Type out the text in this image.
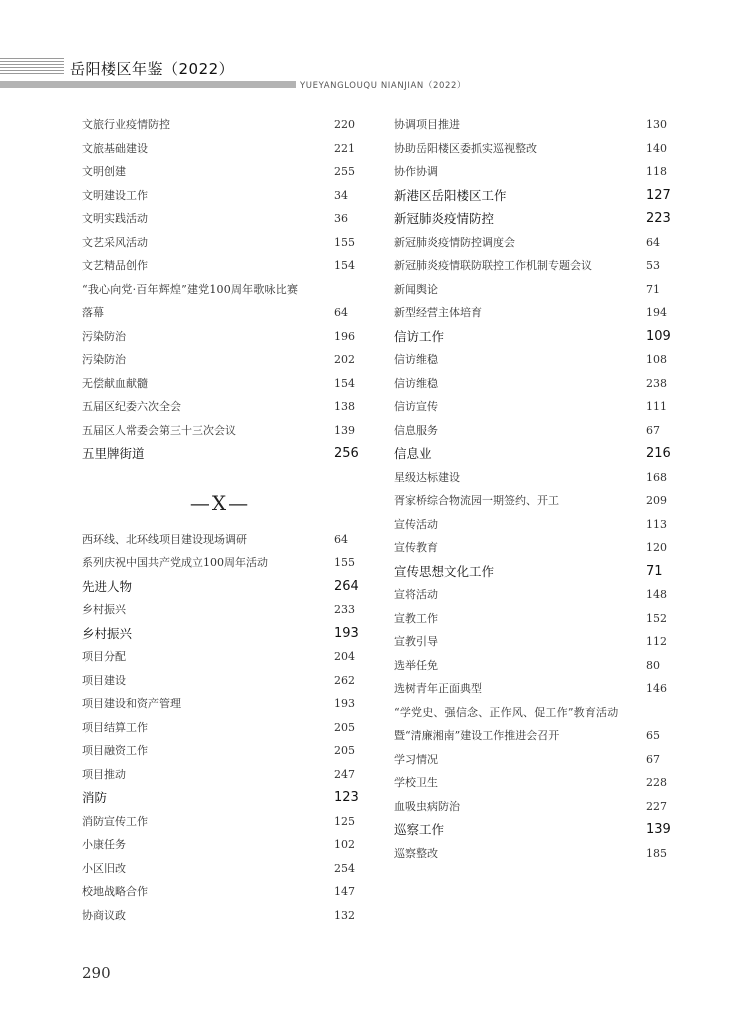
岳阳楼区年鉴（2022）
YUEYANGLOUQU NIANJIAN（2022）
文旅行业疫情防控	220
文旅基础建设	221
文明创建	255
文明建设工作	34
文明实践活动	36
文艺采风活动	155
文艺精品创作	154
“我心向党·百年辉煌”建党100周年歌咏比赛
落幕	64
污染防治	196
污染防治	202
无偿献血献髓	154
五届区纪委六次全会	138
五届区人常委会第三十三次会议	139
五里牌街道	256
—X—
西环线、北环线项目建设现场调研	64
系列庆祝中国共产党成立100周年活动	155
先进人物	264
乡村振兴	233
乡村振兴	193
项目分配	204
项目建设	262
项目建设和资产管理	193
项目结算工作	205
项目融资工作	205
项目推动	247
消防	123
消防宣传工作	125
小康任务	102
小区旧改	254
校地战略合作	147
协商议政	132
协调项目推进	130
协助岳阳楼区委抓实巡视整改	140
协作协调	118
新港区岳阳楼区工作	127
新冠肺炎疫情防控	223
新冠肺炎疫情防控调度会	64
新冠肺炎疫情联防联控工作机制专题会议	53
新闻舆论	71
新型经营主体培育	194
信访工作	109
信访维稳	108
信访维稳	238
信访宣传	111
信息服务	67
信息业	216
星级达标建设	168
胥家桥综合物流园一期签约、开工	209
宣传活动	113
宣传教育	120
宣传思想文化工作	71
宣将活动	148
宣教工作	152
宣教引导	112
选举任免	80
选树青年正面典型	146
“学党史、强信念、正作风、促工作”教育活动
暨“清廉湘南”建设工作推进会召开	65
学习情况	67
学校卫生	228
血吸虫病防治	227
巡察工作	139
巡察整改	185
290
